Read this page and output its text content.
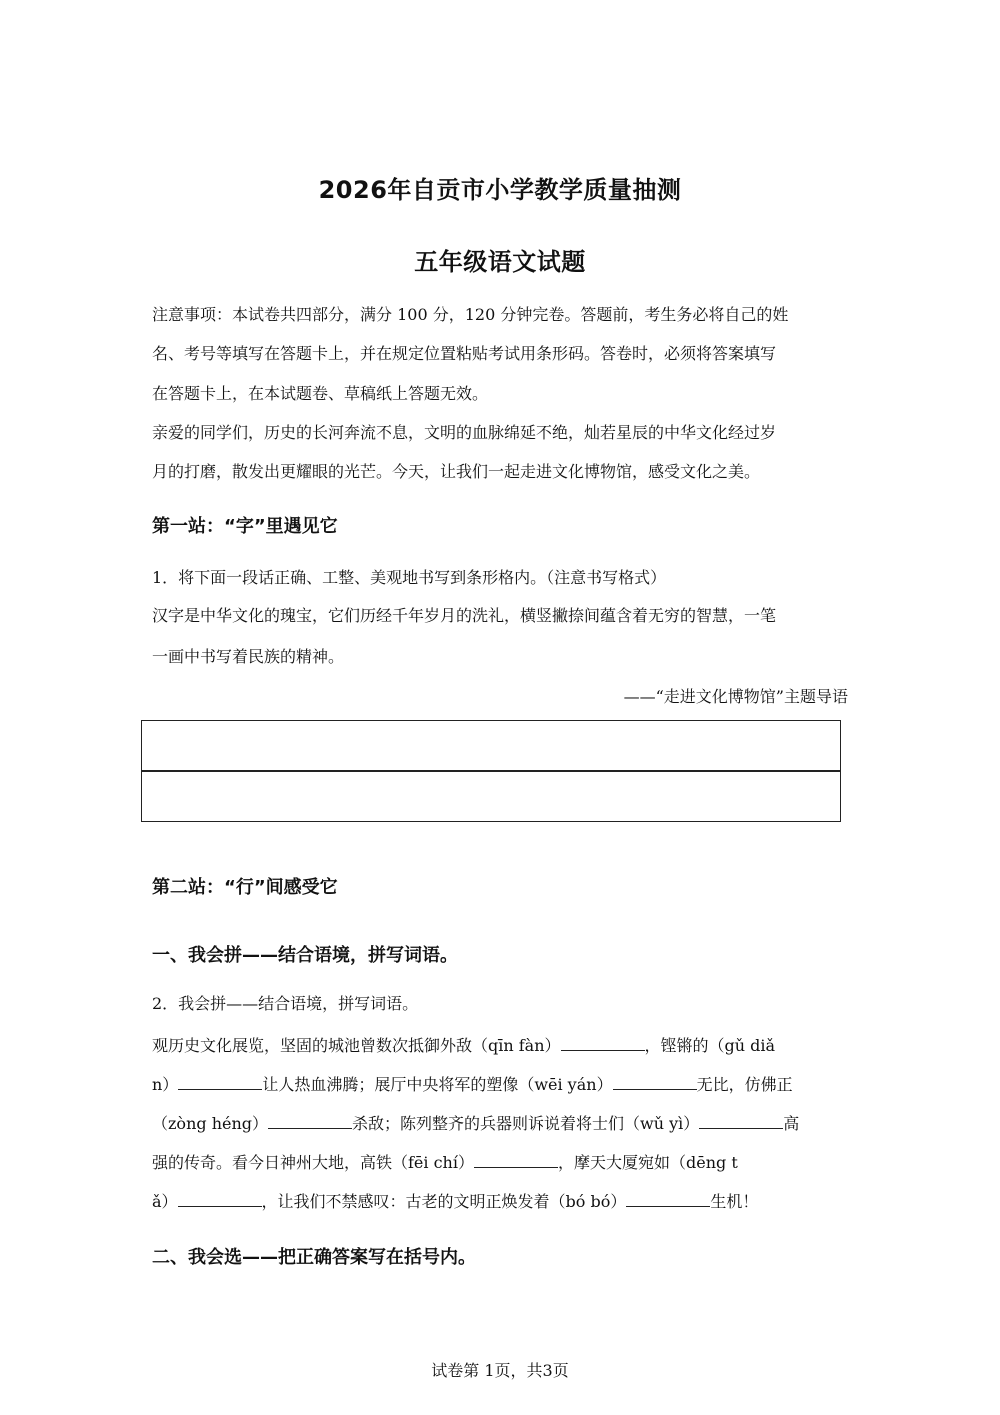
2026年自贡市小学教学质量抽测
五年级语文试题
注意事项：本试卷共四部分，满分 100 分，120 分钟完卷。答题前，考生务必将自己的姓
名、考号等填写在答题卡上，并在规定位置粘贴考试用条形码。答卷时，必须将答案填写
在答题卡上，在本试题卷、草稿纸上答题无效。
亲爱的同学们，历史的长河奔流不息，文明的血脉绵延不绝，灿若星辰的中华文化经过岁
月的打磨，散发出更耀眼的光芒。今天，让我们一起走进文化博物馆，感受文化之美。
第一站：“字”里遇见它
1．将下面一段话正确、工整、美观地书写到条形格内。（注意书写格式）
汉字是中华文化的瑰宝，它们历经千年岁月的洗礼，横竖撇捺间蕴含着无穷的智慧，一笔
一画中书写着民族的精神。
——“走进文化博物馆”主题导语
第二站：“行”间感受它
一、我会拼——结合语境，拼写词语。
2．我会拼——结合语境，拼写词语。
观历史文化展览，坚固的城池曾数次抵御外敌（qīn fàn）	，铿锵的（gǔ diǎ
n）	让人热血沸腾；展厅中央将军的塑像（wēi yán）	无比，仿佛正
（zòng héng）	杀敌；陈列整齐的兵器则诉说着将士们（wǔ yì）	高
强的传奇。看今日神州大地，高铁（fēi chí）	，摩天大厦宛如（dēng t
ǎ）	，让我们不禁感叹：古老的文明正焕发着（bó bó）	生机！
二、我会选——把正确答案写在括号内。
试卷第 1页，共3页
